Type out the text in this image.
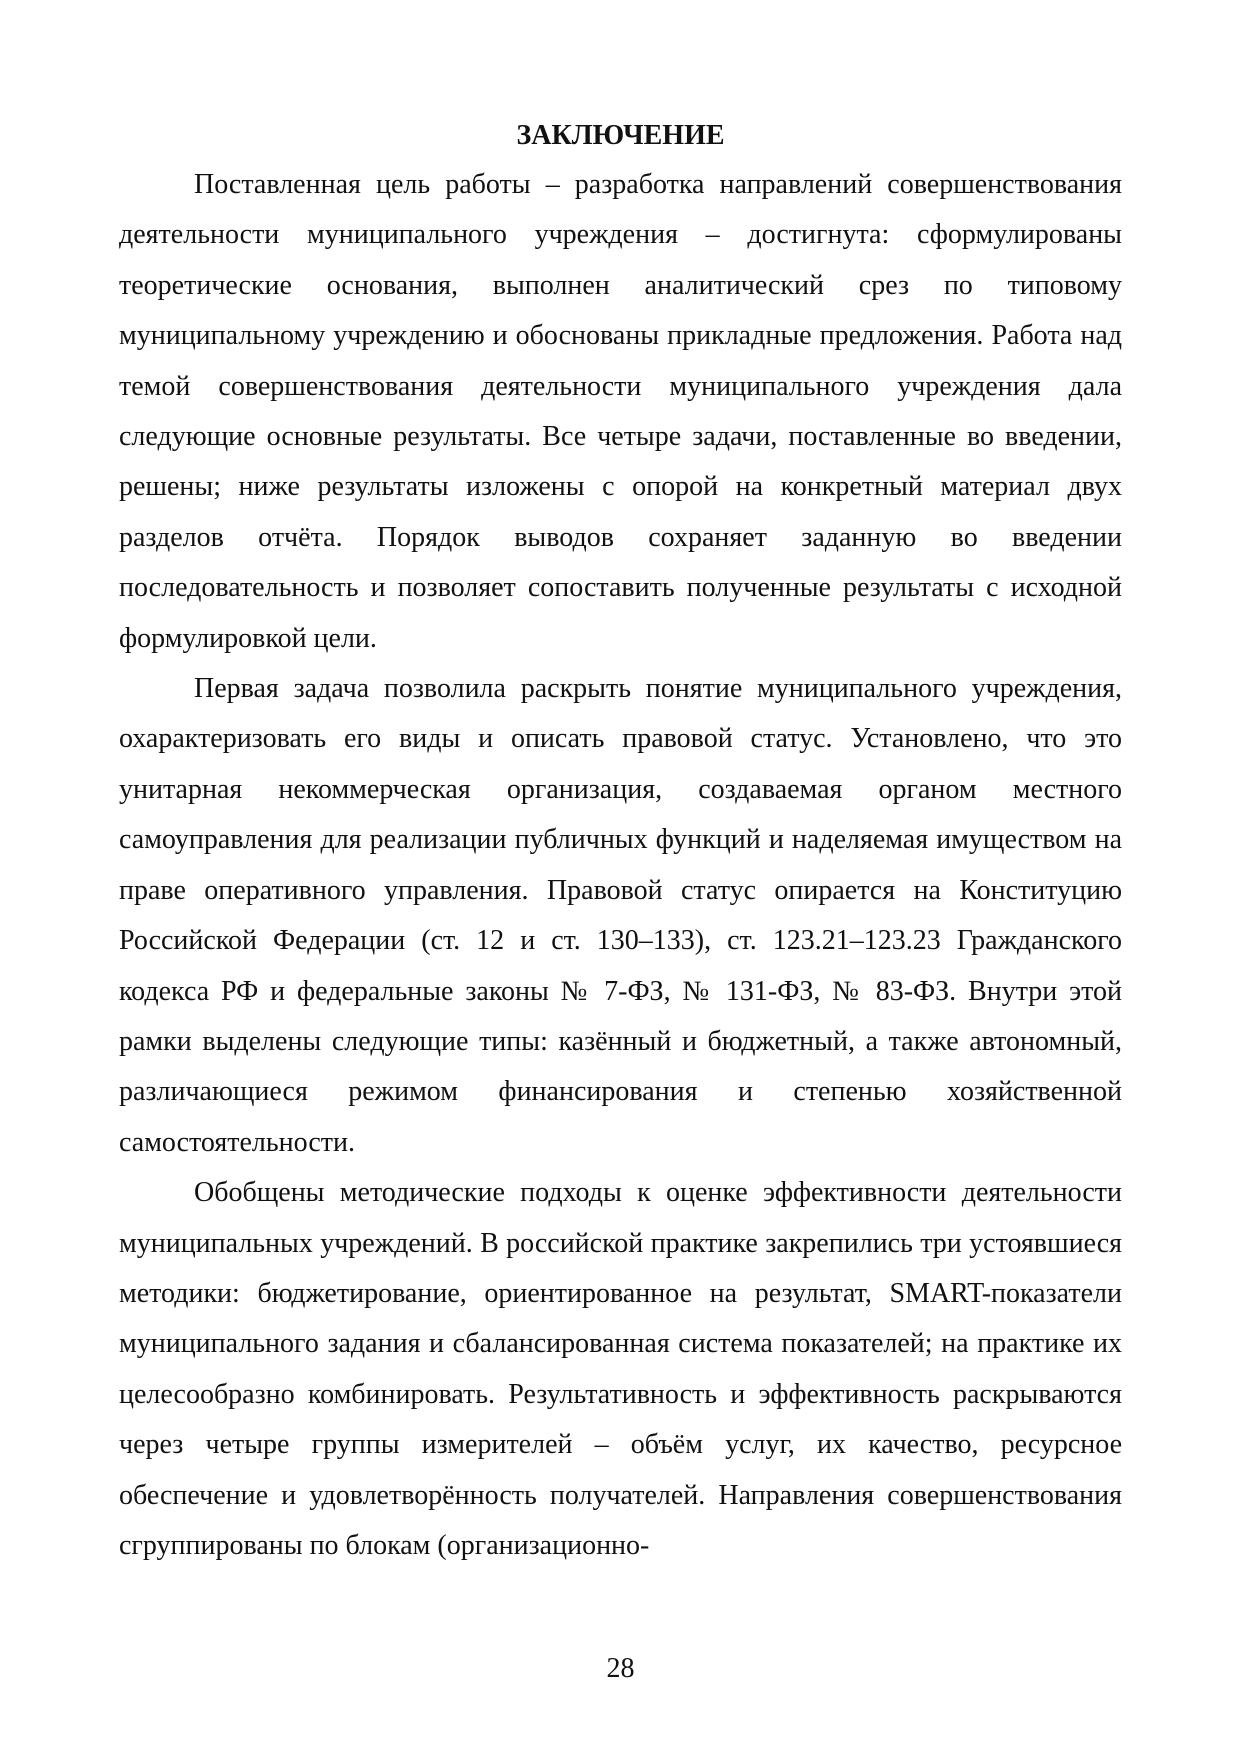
ЗАКЛЮЧЕНИЕ

Поставленная цель работы – разработка направлений совершенствования деятельности муниципального учреждения – достигнута: сформулированы теоретические основания, выполнен аналитический срез по типовому муниципальному учреждению и обоснованы прикладные предложения. Работа над темой совершенствования деятельности муниципального учреждения дала следующие основные результаты. Все четыре задачи, поставленные во введении, решены; ниже результаты изложены с опорой на конкретный материал двух разделов отчёта. Порядок выводов сохраняет заданную во введении последовательность и позволяет сопоставить полученные результаты с исходной формулировкой цели.

Первая задача позволила раскрыть понятие муниципального учреждения, охарактеризовать его виды и описать правовой статус. Установлено, что это унитарная некоммерческая организация, создаваемая органом местного самоуправления для реализации публичных функций и наделяемая имуществом на праве оперативного управления. Правовой статус опирается на Конституцию Российской Федерации (ст. 12 и ст. 130–133), ст. 123.21–123.23 Гражданского кодекса РФ и федеральные законы № 7-ФЗ, № 131-ФЗ, № 83-ФЗ. Внутри этой рамки выделены следующие типы: казённый и бюджетный, а также автономный, различающиеся режимом финансирования и степенью хозяйственной самостоятельности.

Обобщены методические подходы к оценке эффективности деятельности муниципальных учреждений. В российской практике закрепились три устоявшиеся методики: бюджетирование, ориентированное на результат, SMART-показатели муниципального задания и сбалансированная система показателей; на практике их целесообразно комбинировать. Результативность и эффективность раскрываются через четыре группы измерителей – объём услуг, их качество, ресурсное обеспечение и удовлетворённость получателей. Направления совершенствования сгруппированы по блокам (организационно-

28
